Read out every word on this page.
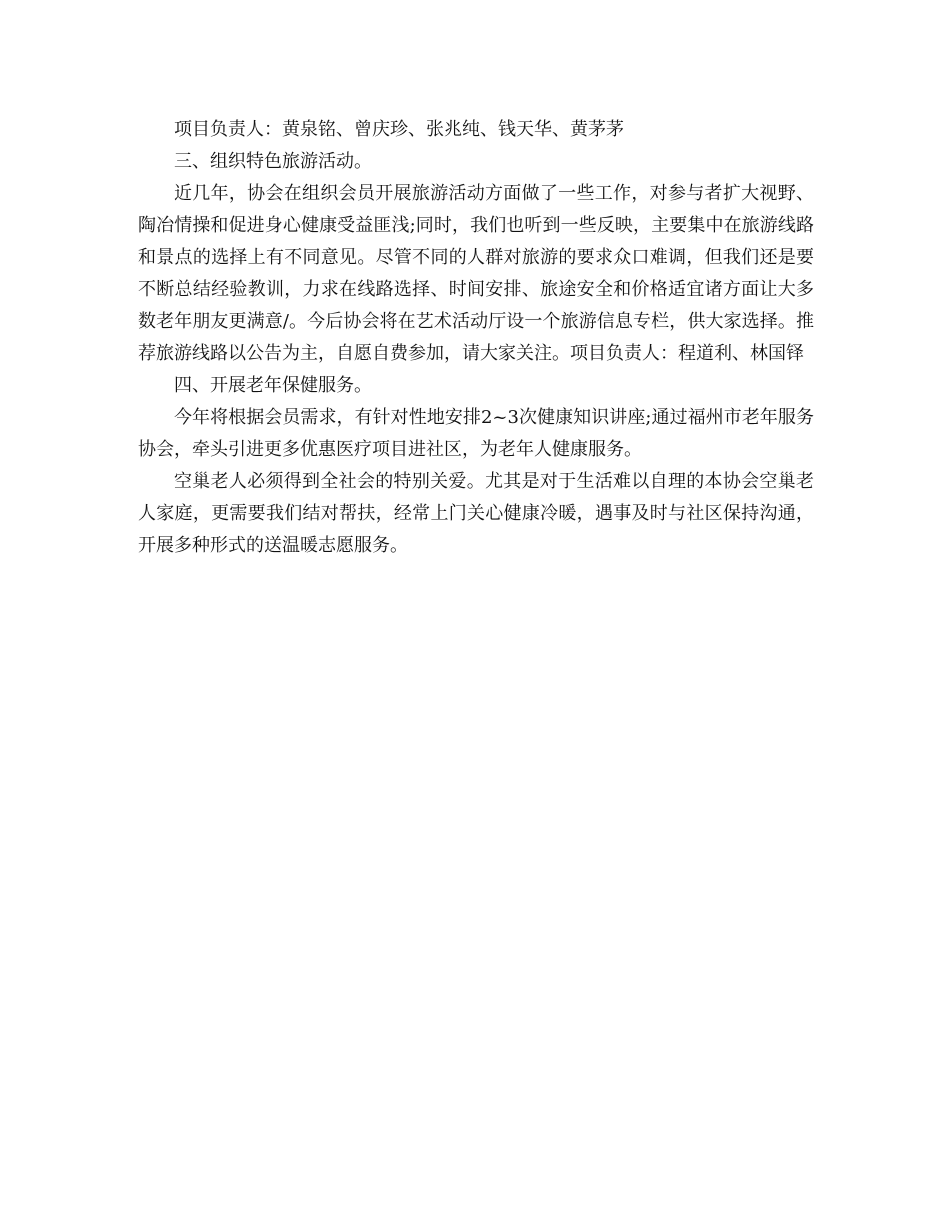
项目负责人：黄泉铭、曾庆珍、张兆纯、钱天华、黄茅茅

三、组织特色旅游活动。

近几年，协会在组织会员开展旅游活动方面做了一些工作，对参与者扩大视野、陶冶情操和促进身心健康受益匪浅;同时，我们也听到一些反映，主要集中在旅游线路和景点的选择上有不同意见。尽管不同的人群对旅游的要求众口难调，但我们还是要不断总结经验教训，力求在线路选择、时间安排、旅途安全和价格适宜诸方面让大多数老年朋友更满意/。今后协会将在艺术活动厅设一个旅游信息专栏，供大家选择。推荐旅游线路以公告为主，自愿自费参加，请大家关注。项目负责人：程道利、林国铎

四、开展老年保健服务。

今年将根据会员需求，有针对性地安排2~3次健康知识讲座;通过福州市老年服务协会，牵头引进更多优惠医疗项目进社区，为老年人健康服务。

空巢老人必须得到全社会的特别关爱。尤其是对于生活难以自理的本协会空巢老人家庭，更需要我们结对帮扶，经常上门关心健康冷暖，遇事及时与社区保持沟通，开展多种形式的送温暖志愿服务。
